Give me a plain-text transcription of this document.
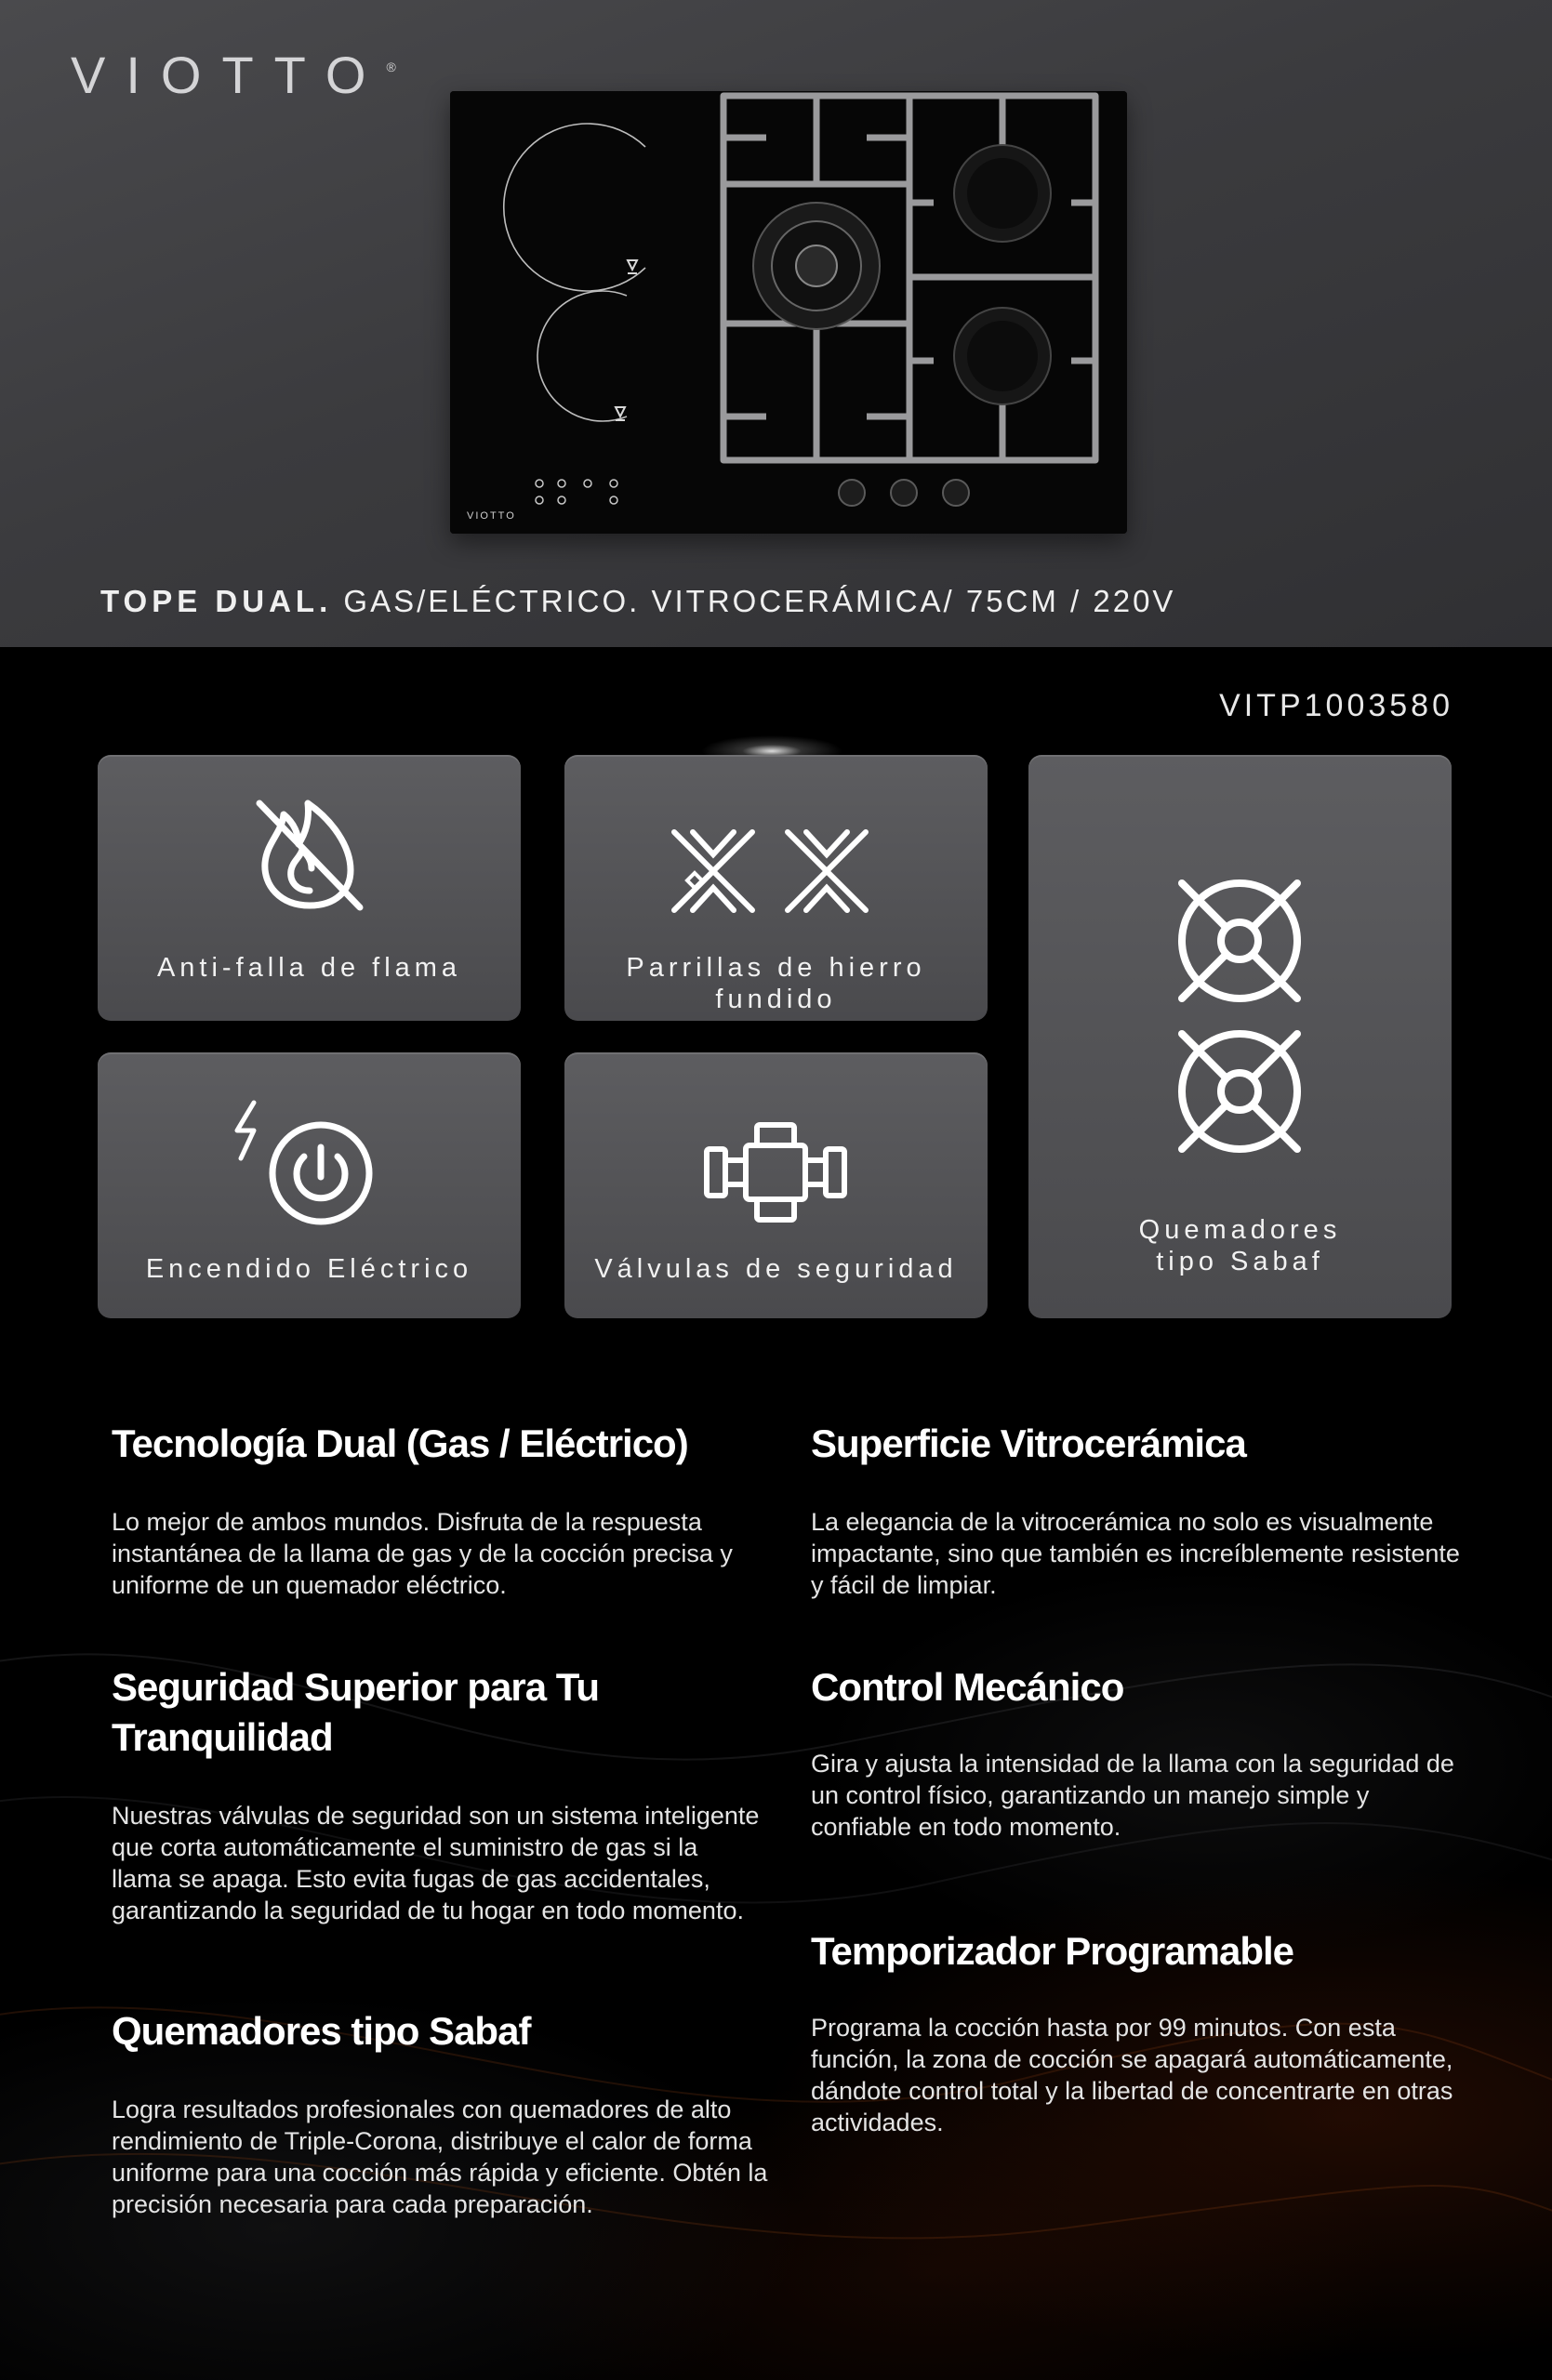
VIOTTO®
VIOTTO
TOPE DUAL. GAS/ELÉCTRICO. VITROCERÁMICA/ 75CM / 220V
VITP1003580
Anti-falla de flama	Parrillas de hierro fundido
Quemadores tipo Sabaf
Encendido Eléctrico	Válvulas de seguridad
Tecnología Dual (Gas / Eléctrico)

Lo mejor de ambos mundos. Disfruta de la respuesta instantánea de la llama de gas y de la cocción precisa y uniforme de un quemador eléctrico.

Seguridad Superior para Tu Tranquilidad

Nuestras válvulas de seguridad son un sistema inteligente que corta automáticamente el suministro de gas si la llama se apaga. Esto evita fugas de gas accidentales, garantizando la seguridad de tu hogar en todo momento.

Quemadores tipo Sabaf

Logra resultados profesionales con quemadores de alto rendimiento de Triple-Corona, distribuye el calor de forma uniforme para una cocción más rápida y eficiente. Obtén la precisión necesaria para cada preparación.

Superficie Vitrocerámica

La elegancia de la vitrocerámica no solo es visualmente impactante, sino que también es increíblemente resistente y fácil de limpiar.

Control Mecánico

Gira y ajusta la intensidad de la llama con la seguridad de un control físico, garantizando un manejo simple y confiable en todo momento.

Temporizador Programable

Programa la cocción hasta por 99 minutos. Con esta función, la zona de cocción se apagará automáticamente, dándote control total y la libertad de concentrarte en otras actividades.
